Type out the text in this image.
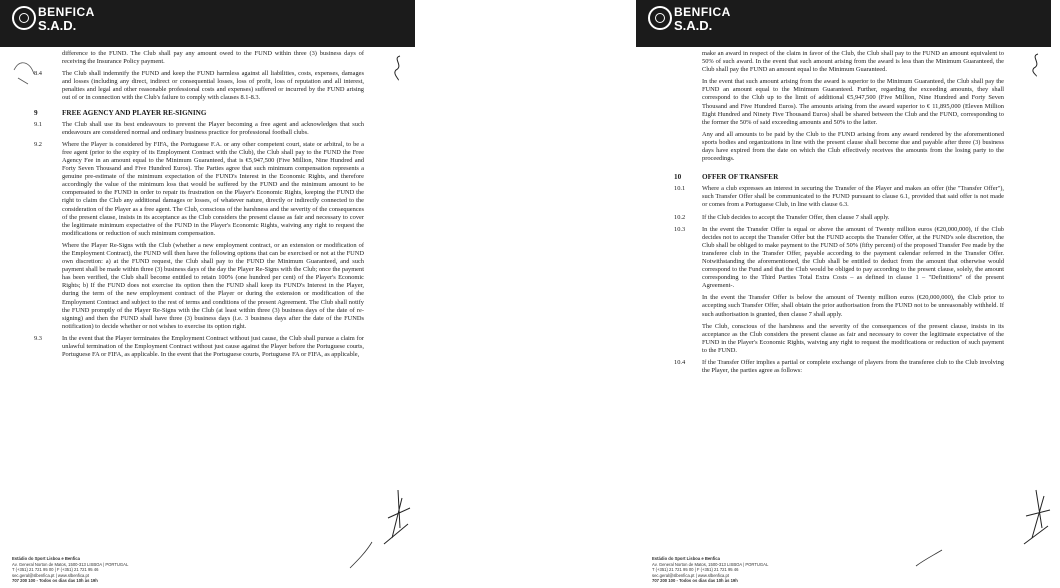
BENFICA
S.A.D.
difference to the FUND. The Club shall pay any amount owed to the FUND within three (3) business days of receiving the Insurance Policy payment.
8.4	The Club shall indemnify the FUND and keep the FUND harmless against all liabilities, costs, expenses, damages and losses (including any direct, indirect or consequential losses, loss of profit, loss of reputation and all interest, penalties and legal and other reasonable professional costs and expenses) suffered or incurred by the FUND arising out of or in connection with the Club's failure to comply with clauses 8.1-8.3.
9	FREE AGENCY AND PLAYER RE-SIGNING
9.1	The Club shall use its best endeavours to prevent the Player becoming a free agent and acknowledges that such endeavours are considered normal and ordinary business practice for professional football clubs.
9.2	Where the Player is considered by FIFA, the Portuguese F.A. or any other competent court, state or arbitral, to be a free agent (prior to the expiry of its Employment Contract with the Club), the Club shall pay to the FUND the Free Agency Fee in an amount equal to the Minimum Guaranteed, that is €5,947,500 (Five Million, Nine Hundred and Forty Seven Thousand and Five Hundred Euros). The Parties agree that such minimum compensation represents a genuine pre-estimate of the minimum expectation of the FUND's Interest in the Economic Rights, and therefore accordingly the value of the minimum loss that would be suffered by the FUND and the minimum amount to be compensated to the FUND in order to repair its frustration on the Player's Economic Rights, keeping the FUND the right to claim the Club any additional damages or losses, of whatever nature, directly or indirectly connected to the consideration of the Player as a free agent. The Club, conscious of the harshness and the severity of the consequences of the present clause, insists in its acceptance as the Club considers the present clause as fair and necessary to cover the legitimate minimum expectative of the FUND in the Player's Economic Rights, waiving any right to request the modifications or reduction of such minimum compensation.
Where the Player Re-Signs with the Club (whether a new employment contract, or an extension or modification of the Employment Contract), the FUND will then have the following options that can be exercised or not at the FUND own discretion: a) at the FUND request, the Club shall pay to the FUND the Minimum Guaranteed, and such payment shall be made within three (3) business days of the day the Player Re-Signs with the Club; once the payment has been verified, the Club shall become entitled to retain 100% (one hundred per cent) of the Player's Economic Rights; b) If the FUND does not exercise its option then the FUND shall keep its FUND's Interest in the Player, during the term of the new employment contract of the Player or during the extension or modification of the Employment Contract and subject to the rest of terms and conditions of the present Agreement. The Club shall notify the FUND promptly of the Player Re-Signs with the Club (at least within three (3) business days of the date of re-signing) and then the FUND shall have three (3) business days (i.e. 3 business days after the date of the FUNDs notification) to decide whether or not wishes to exercise its option right.
9.3	In the event that the Player terminates the Employment Contract without just cause, the Club shall pursue a claim for unlawful termination of the Employment Contract without just cause against the Player before the Portuguese courts, Portuguese FA or FIFA, as applicable. In the event that the Portuguese courts, Portuguese FA or FIFA, as applicable,
Estádio do Sport Lisboa e Benfica
Av. General Norton de Matos, 1500-313 LISBOA | PORTUGAL
T (+351) 21 721 95 00 | F (+351) 21 721 95 46
sec.geral@slbenfica.pt | www.slbenfica.pt
707 200 100 - Todos os dias das 10h às 19h
BENFICA
S.A.D.
make an award in respect of the claim in favor of the Club, the Club shall pay to the FUND an amount equivalent to 50% of such award. In the event that such amount arising from the award is less than the Minimum Guaranteed, the Club shall pay the FUND an amount equal to the Minimum Guaranteed.
In the event that such amount arising from the award is superior to the Minimum Guaranteed, the Club shall pay the FUND an amount equal to the Minimum Guaranteed. Further, regarding the exceeding amounts, they shall correspond to the Club up to the limit of additional €5,947,500 (Five Million, Nine Hundred and Forty Seven Thousand and Five Hundred Euros). The amounts arising from the award superior to € 11,895,000 (Eleven Million Eight Hundred and Ninety Five Thousand Euros) shall be shared between the Club and the FUND, corresponding to the former the 50% of said exceeding amounts and 50% to the latter.
Any and all amounts to be paid by the Club to the FUND arising from any award rendered by the aforementioned sports bodies and organizations in line with the present clause shall become due and payable after three (3) business days have expired from the date on which the Club effectively receives the amounts from the losing party to the proceedings.
10	OFFER OF TRANSFER
10.1	Where a club expresses an interest in securing the Transfer of the Player and makes an offer (the "Transfer Offer"), such Transfer Offer shall be communicated to the FUND pursuant to clause 6.1, provided that said offer is not made or comes from a Portuguese Club, in line with clause 6.3.
10.2	If the Club decides to accept the Transfer Offer, then clause 7 shall apply.
10.3	In the event the Transfer Offer is equal or above the amount of Twenty million euros (€20,000,000), if the Club decides not to accept the Transfer Offer but the FUND accepts the Transfer Offer, at the FUND's sole discretion, the Club shall be obliged to make payment to the FUND of 50% (fifty percent) of the proposed Transfer Fee made by the transferee club in the Transfer Offer, payable according to the payment calendar referred in the Transfer Offer. Notwithstanding the aforementioned, the Club shall be entitled to deduct from the amount that otherwise would correspond to the Fund and that the Club would be obliged to pay according to the present clause, solely, the amount corresponding to the Third Parties Total Extra Costs – as defined in clause 1 – "Definitions" of the present Agreement-.
In the event the Transfer Offer is below the amount of Twenty million euros (€20,000,000), the Club prior to accepting such Transfer Offer, shall obtain the prior authorisation from the FUND not to be unreasonably withheld. If such authorisation is granted, then clause 7 shall apply.
The Club, conscious of the harshness and the severity of the consequences of the present clause, insists in its acceptance as the Club considers the present clause as fair and necessary to cover the legitimate expectative of the FUND in the Player's Economic Rights, waiving any right to request the modifications or reduction of such payment to the FUND.
10.4	If the Transfer Offer implies a partial or complete exchange of players from the transferee club to the Club involving the Player, the parties agree as follows:
Estádio do Sport Lisboa e Benfica
Av. General Norton de Matos, 1500-313 LISBOA | PORTUGAL
T (+351) 21 721 95 00 | F (+351) 21 721 95 46
sec.geral@slbenfica.pt | www.slbenfica.pt
707 200 100 - Todos os dias das 10h às 19h
